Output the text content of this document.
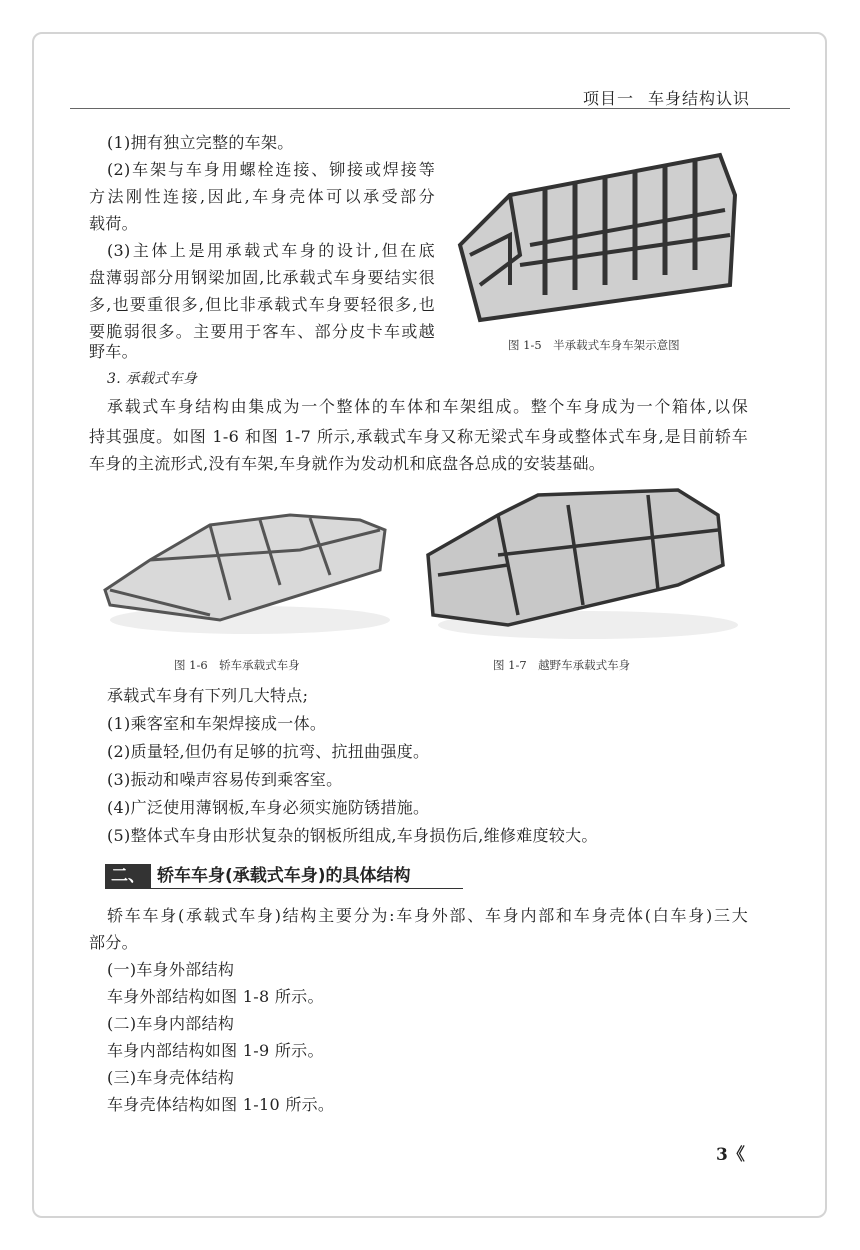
项目一 车身结构认识
(1)拥有独立完整的车架。
(2)车架与车身用螺栓连接、铆接或焊接等
方法刚性连接,因此,车身壳体可以承受部分
载荷。
(3)主体上是用承载式车身的设计,但在底
盘薄弱部分用钢梁加固,比承载式车身要结实很
多,也要重很多,但比非承载式车身要轻很多,也
要脆弱很多。主要用于客车、部分皮卡车或越
野车。	图 1-5　半承载式车身车架示意图
3. 承载式车身
承载式车身结构由集成为一个整体的车体和车架组成。整个车身成为一个箱体,以保
持其强度。如图 1-6 和图 1-7 所示,承载式车身又称无梁式车身或整体式车身,是目前轿车
车身的主流形式,没有车架,车身就作为发动机和底盘各总成的安装基础。
图 1-6　轿车承载式车身	图 1-7　越野车承载式车身
承载式车身有下列几大特点;
(1)乘客室和车架焊接成一体。
(2)质量轻,但仍有足够的抗弯、抗扭曲强度。
(3)振动和噪声容易传到乘客室。
(4)广泛使用薄钢板,车身必须实施防锈措施。
(5)整体式车身由形状复杂的钢板所组成,车身损伤后,维修难度较大。
二、 轿车车身(承载式车身)的具体结构
轿车车身(承载式车身)结构主要分为:车身外部、车身内部和车身壳体(白车身)三大
部分。
(一)车身外部结构
车身外部结构如图 1-8 所示。
(二)车身内部结构
车身内部结构如图 1-9 所示。
(三)车身壳体结构
车身壳体结构如图 1-10 所示。
3《
